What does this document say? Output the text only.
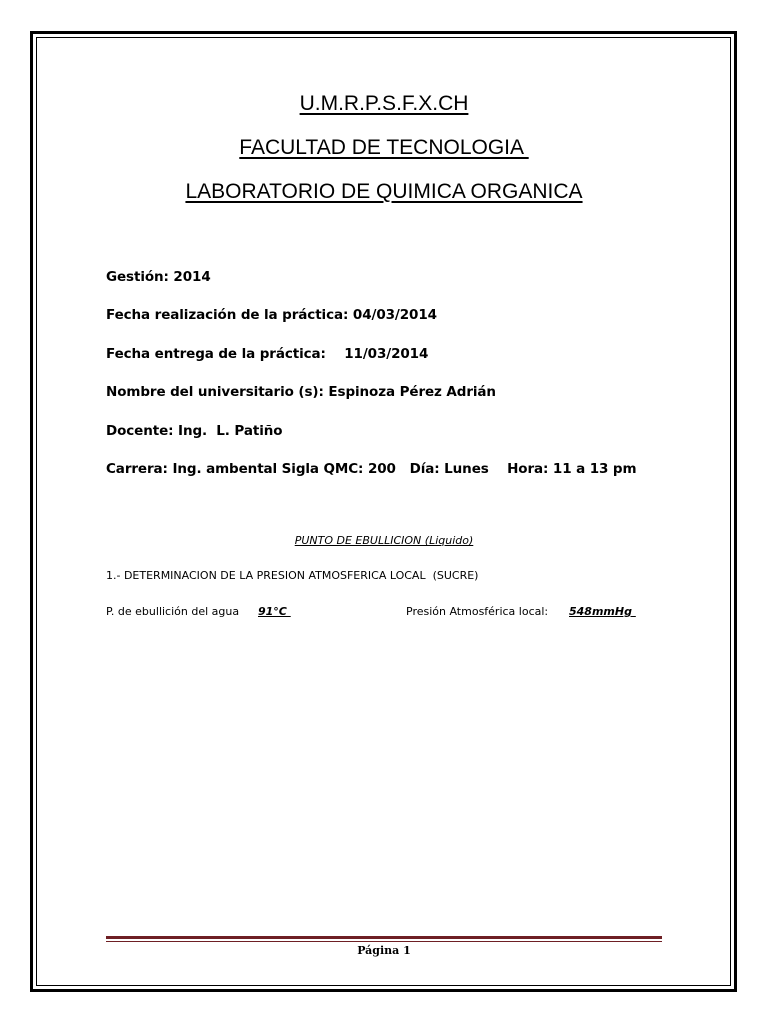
U.M.R.P.S.F.X.CH
FACULTAD DE TECNOLOGIA
LABORATORIO DE QUIMICA ORGANICA
Gestión: 2014
Fecha realización de la práctica: 04/03/2014
Fecha entrega de la práctica:    11/03/2014
Nombre del universitario (s): Espinoza Pérez Adrián
Docente: Ing.  L. Patiño
Carrera: Ing. ambental Sigla QMC: 200   Día: Lunes    Hora: 11 a 13 pm
PUNTO DE EBULLICION (Liquido)
1.- DETERMINACION DE LA PRESION ATMOSFERICA LOCAL  (SUCRE)
P. de ebullición del agua 91°C	Presión Atmosférica local: 548mmHg
Página 1
